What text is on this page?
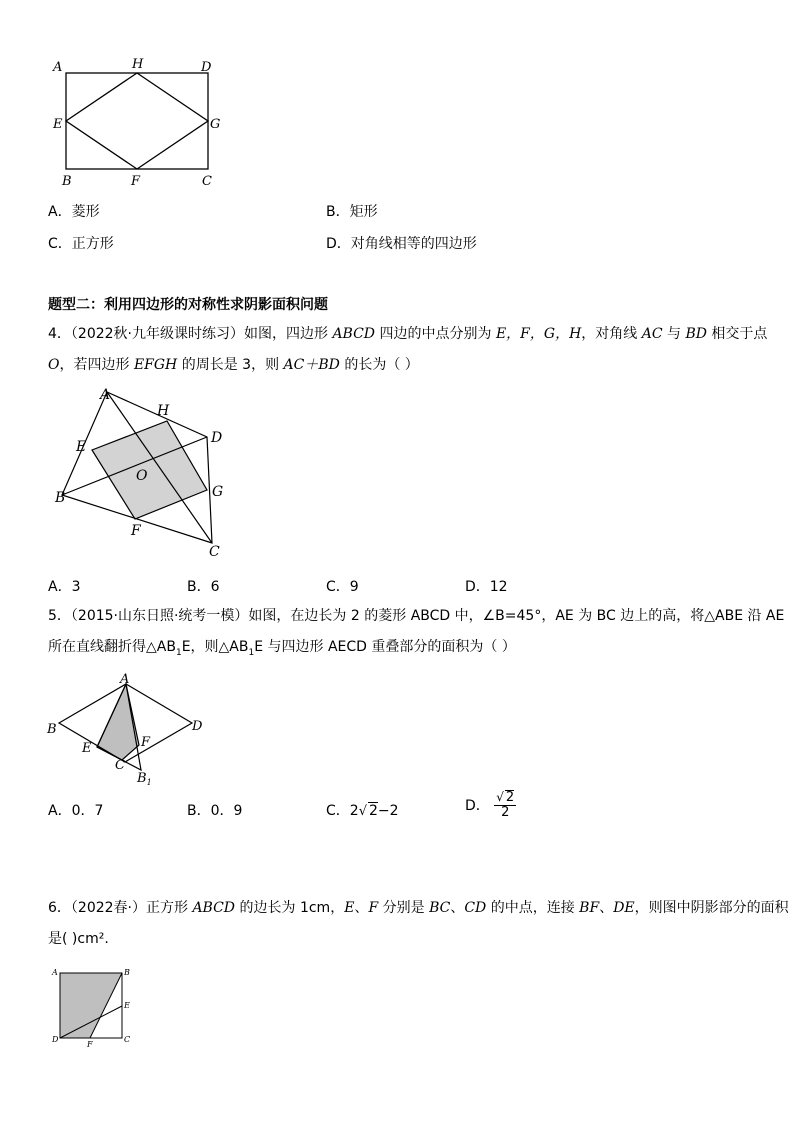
A	H	D
E	G
B	F	C
A．菱形	B．矩形
C．正方形	D．对角线相等的四边形
题型二：利用四边形的对称性求阴影面积问题
4．（2022秋·九年级课时练习）如图，四边形 ABCD 四边的中点分别为 E，F，G，H，对角线 AC 与 BD 相交于点
O，若四边形 EFGH 的周长是 3，则 AC＋BD 的长为（ ）
A
H
D
E
O
G
B
F
C
A．3	B．6	C．9	D．12
5．（2015·山东日照·统考一模）如图，在边长为 2 的菱形 ABCD 中，∠B=45°，AE 为 BC 边上的高，将△ABE 沿 AE
所在直线翻折得$\triangle AB_1E$，则$\triangle AB_1E$ 与四边形 AECD 重叠部分的面积为（ ）
A
B	D
E	F
C
$B_1$
A．0．7	B．0．9	C．2√ 2−2	D． $\frac{√ 2}{2}$
6．（2022春·）正方形 ABCD 的边长为 1cm，E、F 分别是 BC、CD 的中点，连接 BF、DE，则图中阴影部分的面积
是( )cm².
A	B
E
D
F
C
